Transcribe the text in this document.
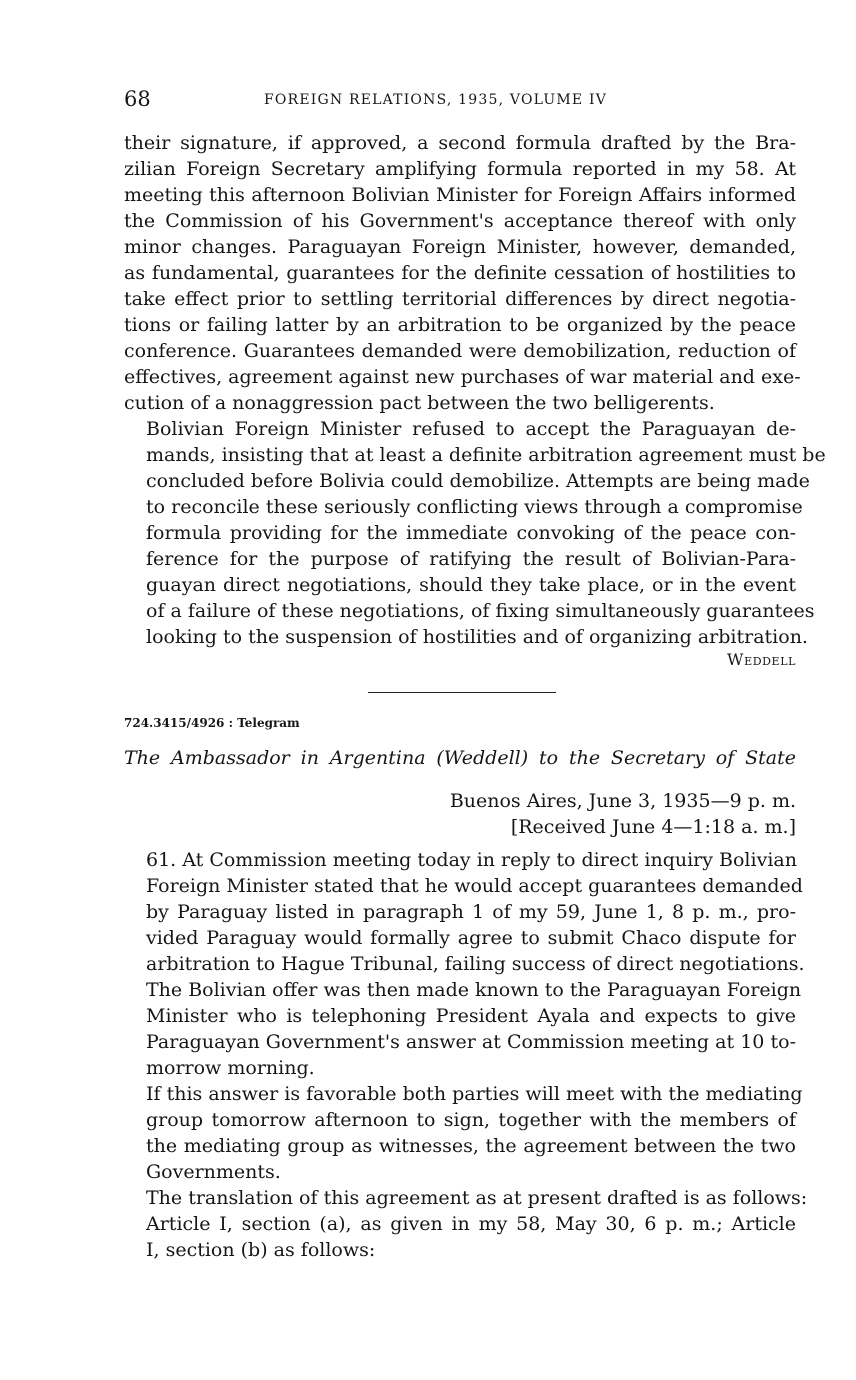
68	FOREIGN RELATIONS, 1935, VOLUME IV
their signature, if approved, a second formula drafted by the Bra-
zilian Foreign Secretary amplifying formula reported in my 58. At
meeting this afternoon Bolivian Minister for Foreign Affairs informed
the Commission of his Government's acceptance thereof with only
minor changes. Paraguayan Foreign Minister, however, demanded,
as fundamental, guarantees for the definite cessation of hostilities to
take effect prior to settling territorial differences by direct negotia-
tions or failing latter by an arbitration to be organized by the peace
conference. Guarantees demanded were demobilization, reduction of
effectives, agreement against new purchases of war material and exe-
cution of a nonaggression pact between the two belligerents.
Bolivian Foreign Minister refused to accept the Paraguayan de-
mands, insisting that at least a definite arbitration agreement must be
concluded before Bolivia could demobilize. Attempts are being made
to reconcile these seriously conflicting views through a compromise
formula providing for the immediate convoking of the peace con-
ference for the purpose of ratifying the result of Bolivian-Para-
guayan direct negotiations, should they take place, or in the event
of a failure of these negotiations, of fixing simultaneously guarantees
looking to the suspension of hostilities and of organizing arbitration.
Weddell
724.3415/4926 : Telegram
The Ambassador in Argentina (Weddell) to the Secretary of State
Buenos Aires, June 3, 1935—9 p. m.
[Received June 4—1:18 a. m.]
61. At Commission meeting today in reply to direct inquiry Bolivian
Foreign Minister stated that he would accept guarantees demanded
by Paraguay listed in paragraph 1 of my 59, June 1, 8 p. m., pro-
vided Paraguay would formally agree to submit Chaco dispute for
arbitration to Hague Tribunal, failing success of direct negotiations.
The Bolivian offer was then made known to the Paraguayan Foreign
Minister who is telephoning President Ayala and expects to give
Paraguayan Government's answer at Commission meeting at 10 to-
morrow morning.
If this answer is favorable both parties will meet with the mediating
group tomorrow afternoon to sign, together with the members of
the mediating group as witnesses, the agreement between the two
Governments.
The translation of this agreement as at present drafted is as follows:
Article I, section (a), as given in my 58, May 30, 6 p. m.; Article
I, section (b) as follows:
